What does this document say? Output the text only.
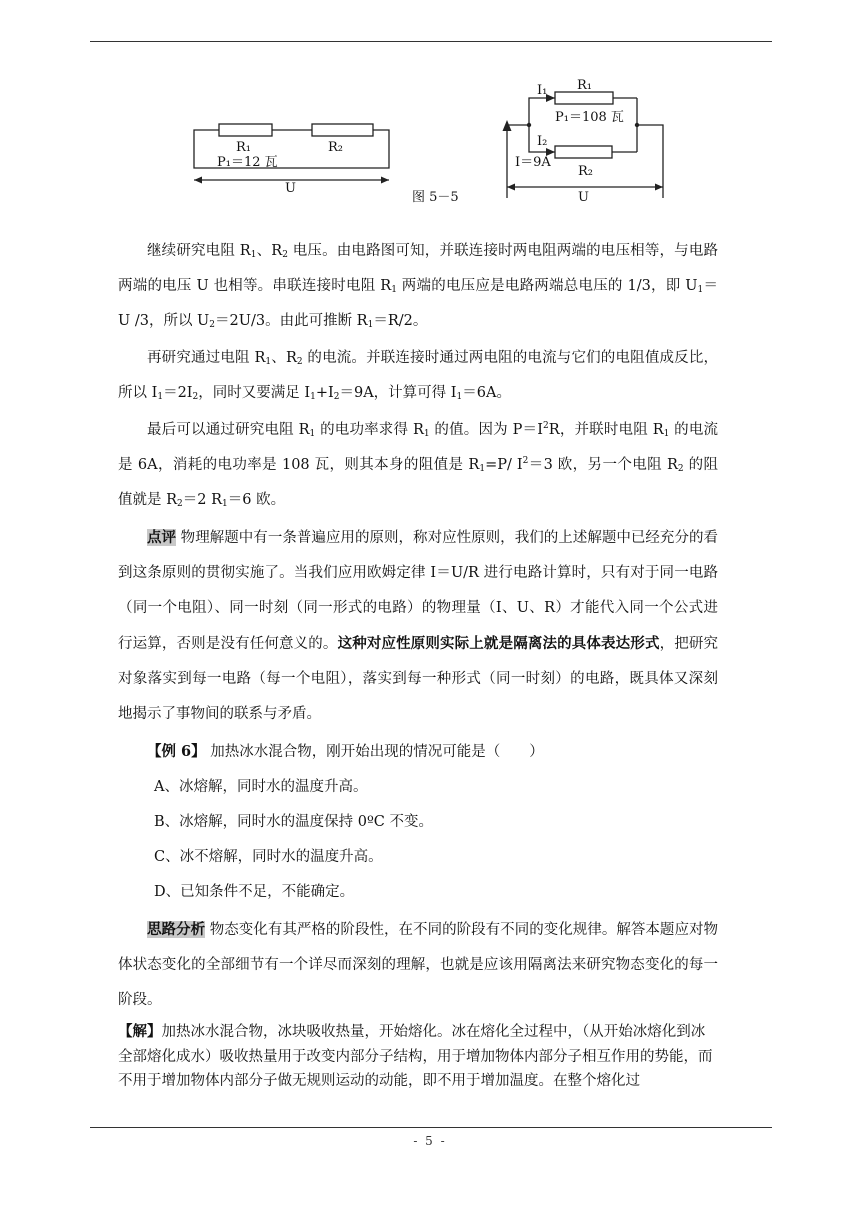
R₁	R₂
P₁＝12 瓦
U
图 5－5
I₁ R₁
P₁＝108 瓦
I₂
I＝9A
R₂
U

继续研究电阻 $R_1$、$R_2$ 电压。由电路图可知，并联连接时两电阻两端的电压相等，与电路两端的电压 U 也相等。串联连接时电阻 $R_1$ 两端的电压应是电路两端总电压的 1/3，即 $U_1=U$ /3，所以 $U_2=2U/3$。由此可推断 $R_1=R/2$。

再研究通过电阻 $R_1$、$R_2$ 的电流。并联连接时通过两电阻的电流与它们的电阻值成反比，所以 $I_1=2I_2$，同时又要满足 $I_1+I_2=9A$，计算可得 $I_1=6A$。

最后可以通过研究电阻 $R_1$ 的电功率求得 $R_1$ 的值。因为 $P=I^2R$，并联时电阻 $R_1$ 的电流是 6A，消耗的电功率是 108 瓦，则其本身的阻值是 $R_1=P/$ $I^2=3$ 欧，另一个电阻 $R_2$ 的阻值就是 $R_2=2$ $R_1=6$ 欧。

点评 物理解题中有一条普遍应用的原则，称对应性原则，我们的上述解题中已经充分的看到这条原则的贯彻实施了。当我们应用欧姆定律 I＝U/R 进行电路计算时，只有对于同一电路（同一个电阻）、同一时刻（同一形式的电路）的物理量（I、U、R）才能代入同一个公式进行运算，否则是没有任何意义的。这种对应性原则实际上就是隔离法的具体表达形式，把研究对象落实到每一电路（每一个电阻），落实到每一种形式（同一时刻）的电路，既具体又深刻地揭示了事物间的联系与矛盾。

【例 6】 加热冰水混合物，刚开始出现的情况可能是（　　）

A、冰熔解，同时水的温度升高。

B、冰熔解，同时水的温度保持 0ºC 不变。

C、冰不熔解，同时水的温度升高。

D、已知条件不足，不能确定。

思路分析 物态变化有其严格的阶段性，在不同的阶段有不同的变化规律。解答本题应对物体状态变化的全部细节有一个详尽而深刻的理解，也就是应该用隔离法来研究物态变化的每一阶段。

【解】加热冰水混合物，冰块吸收热量，开始熔化。冰在熔化全过程中，（从开始冰熔化到冰全部熔化成水）吸收热量用于改变内部分子结构，用于增加物体内部分子相互作用的势能，而不用于增加物体内部分子做无规则运动的动能，即不用于增加温度。在整个熔化过

- 5 -
